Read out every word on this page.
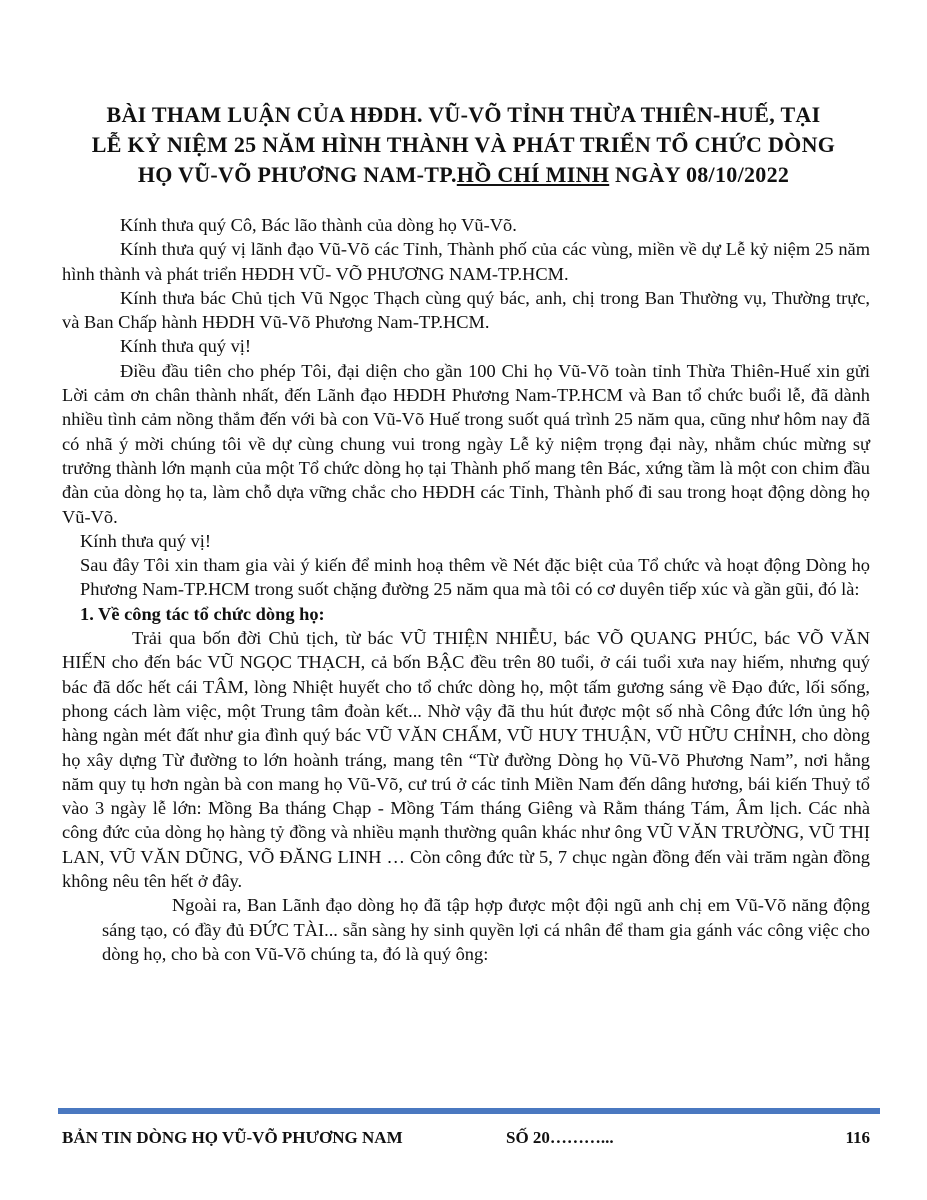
BÀI THAM LUẬN CỦA HĐDH. VŨ-VÕ TỈNH THỪA THIÊN-HUẾ, TẠI
LỄ KỶ NIỆM 25 NĂM HÌNH THÀNH VÀ PHÁT TRIỂN TỔ CHỨC DÒNG
HỌ VŨ-VÕ PHƯƠNG NAM-TP.HỒ CHÍ MINH NGÀY 08/10/2022

Kính thưa quý Cô, Bác lão thành của dòng họ Vũ-Võ.

Kính thưa quý vị lãnh đạo Vũ-Võ các Tỉnh, Thành phố của các vùng, miền về dự Lễ kỷ niệm 25 năm hình thành và phát triển HĐDH VŨ- VÕ PHƯƠNG NAM-TP.HCM.

Kính thưa bác Chủ tịch Vũ Ngọc Thạch cùng quý bác, anh, chị trong Ban Thường vụ, Thường trực, và Ban Chấp hành HĐDH Vũ-Võ Phương Nam-TP.HCM.

Kính thưa quý vị!

Điều đầu tiên cho phép Tôi, đại diện cho gần 100 Chi họ Vũ-Võ toàn tỉnh Thừa Thiên-Huế xin gửi Lời cảm ơn chân thành nhất, đến Lãnh đạo HĐDH Phương Nam-TP.HCM và Ban tổ chức buổi lễ, đã dành nhiều tình cảm nồng thắm đến với bà con Vũ-Võ Huế trong suốt quá trình 25 năm qua, cũng như hôm nay đã có nhã ý mời chúng tôi về dự cùng chung vui trong ngày Lễ kỷ niệm trọng đại này, nhằm chúc mừng sự trưởng thành lớn mạnh của một Tổ chức dòng họ tại Thành phố mang tên Bác, xứng tầm là một con chim đầu đàn của dòng họ ta, làm chỗ dựa vững chắc cho HĐDH các Tỉnh, Thành phố đi sau trong hoạt động dòng họ Vũ-Võ.

Kính thưa quý vị!

Sau đây Tôi xin tham gia vài ý kiến để minh hoạ thêm về Nét đặc biệt của Tổ chức và hoạt động Dòng họ Phương Nam-TP.HCM trong suốt chặng đường 25 năm qua mà tôi có cơ duyên tiếp xúc và gần gũi, đó là:

1. Về công tác tổ chức dòng họ:

Trải qua bốn đời Chủ tịch, từ bác VŨ THIỆN NHIỄU, bác VÕ QUANG PHÚC, bác VÕ VĂN HIẾN cho đến bác VŨ NGỌC THẠCH, cả bốn BẬC đều trên 80 tuổi, ở cái tuổi xưa nay hiếm, nhưng quý bác đã dốc hết cái TÂM, lòng Nhiệt huyết cho tổ chức dòng họ, một tấm gương sáng về Đạo đức, lối sống, phong cách làm việc, một Trung tâm đoàn kết... Nhờ vậy đã thu hút được một số nhà Công đức lớn ủng hộ hàng ngàn mét đất như gia đình quý bác VŨ VĂN CHẨM, VŨ HUY THUẬN, VŨ HỮU CHỈNH, cho dòng họ xây dựng Từ đường to lớn hoành tráng, mang tên “Từ đường Dòng họ Vũ-Võ Phương Nam”, nơi hằng năm quy tụ hơn ngàn bà con mang họ Vũ-Võ, cư trú ở các tỉnh Miền Nam đến dâng hương, bái kiến Thuỷ tổ vào 3 ngày lễ lớn: Mồng Ba tháng Chạp - Mồng Tám tháng Giêng và Rằm tháng Tám, Âm lịch. Các nhà công đức của dòng họ hàng tỷ đồng và nhiều mạnh thường quân khác như ông VŨ VĂN TRƯỜNG, VŨ THỊ LAN, VŨ VĂN DŨNG, VÕ ĐĂNG LINH … Còn công đức từ 5, 7 chục ngàn đồng đến vài trăm ngàn đồng không nêu tên hết ở đây.

Ngoài ra, Ban Lãnh đạo dòng họ đã tập hợp được một đội ngũ anh chị em Vũ-Võ năng động sáng tạo, có đầy đủ ĐỨC TÀI... sẵn sàng hy sinh quyền lợi cá nhân để tham gia gánh vác công việc cho dòng họ, cho bà con Vũ-Võ chúng ta, đó là quý ông:

BẢN TIN DÒNG HỌ VŨ-VÕ PHƯƠNG NAM	SỐ 20………...	116
